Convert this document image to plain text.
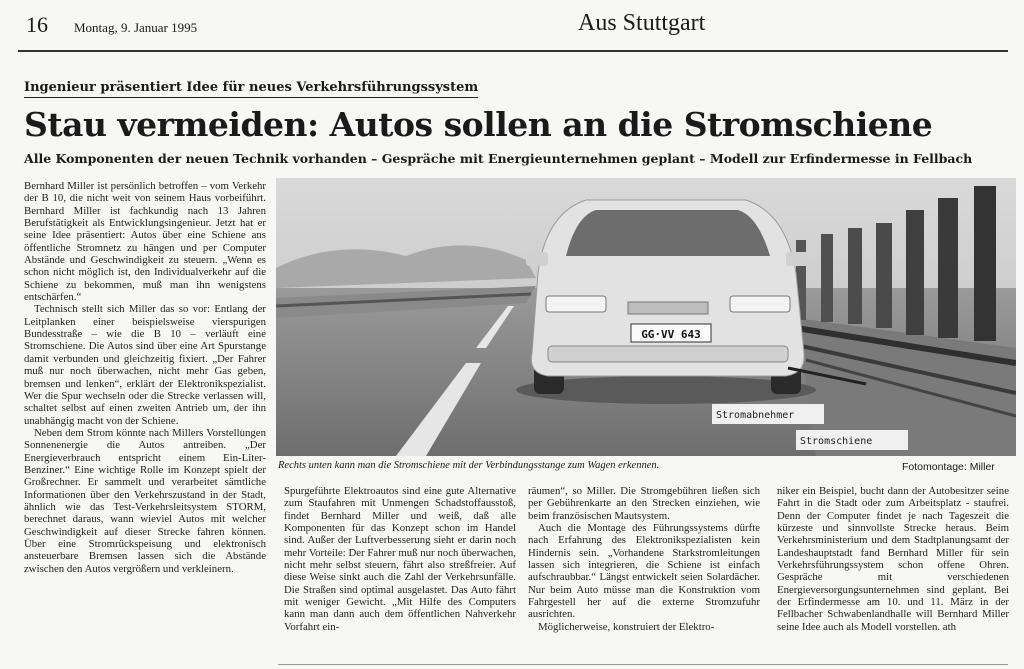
16 Montag, 9. Januar 1995	Aus Stuttgart
Ingenieur präsentiert Idee für neues Verkehrsführungssystem
Stau vermeiden: Autos sollen an die Stromschiene
Alle Komponenten der neuen Technik vorhanden – Gespräche mit Energieunternehmen geplant – Modell zur Erfindermesse in Fellbach

Bernhard Miller ist persönlich betroffen – vom Verkehr der B 10, die nicht weit von seinem Haus vorbeiführt. Bernhard Miller ist fachkundig nach 13 Jahren Berufstätigkeit als Entwicklungsingenieur. Jetzt hat er seine Idee präsentiert: Autos über eine Schiene ans öffentliche Stromnetz zu hängen und per Computer Abstände und Geschwindigkeit zu steuern. „Wenn es schon nicht möglich ist, den Individualverkehr auf die Schiene zu bekommen, muß man ihn wenigstens entschärfen.“

Technisch stellt sich Miller das so vor: Entlang der Leitplanken einer beispielsweise vierspurigen Bundesstraße – wie die B 10 – verläuft eine Stromschiene. Die Autos sind über eine Art Spurstange damit verbunden und gleichzeitig fixiert. „Der Fahrer muß nur noch überwachen, nicht mehr Gas geben, bremsen und lenken“, erklärt der Elektronikspezialist. Wer die Spur wechseln oder die Strecke verlassen will, schaltet selbst auf einen zweiten Antrieb um, der ihn unabhängig macht von der Schiene.

Neben dem Strom könnte nach Millers Vorstellungen Sonnenenergie die Autos antreiben. „Der Energieverbrauch entspricht einem Ein-Liter-Benziner.“ Eine wichtige Rolle im Konzept spielt der Großrechner. Er sammelt und verarbeitet sämtliche Informationen über den Verkehrszustand in der Stadt, ähnlich wie das Test-Verkehrsleitsystem STORM, berechnet daraus, wann wieviel Autos mit welcher Geschwindigkeit auf dieser Strecke fahren können. Über eine Stromrückspeisung und elektronisch ansteuerbare Bremsen lassen sich die Abstände zwischen den Autos vergrößern und verkleinern.

GG·VV 643
Stromabnehmer
Stromschiene
Rechts unten kann man die Stromschiene mit der Verbindungsstange zum Wagen erkennen.	Fotomontage: Miller

Spurgeführte Elektroautos sind eine gute Alternative zum Staufahren mit Unmengen Schadstoffausstoß, findet Bernhard Miller und weiß, daß alle Komponenten für das Konzept schon im Handel sind. Außer der Luftverbesserung sieht er darin noch mehr Vorteile: Der Fahrer muß nur noch überwachen, nicht mehr selbst steuern, fährt also streßfreier. Auf diese Weise sinkt auch die Zahl der Verkehrsunfälle. Die Straßen sind optimal ausgelastet. Das Auto fährt mit weniger Gewicht. „Mit Hilfe des Computers kann man dann auch dem öffentlichen Nahverkehr Vorfahrt ein-

räumen“, so Miller. Die Stromgebühren ließen sich per Gebührenkarte an den Strecken einziehen, wie beim französischen Mautsystem.

Auch die Montage des Führungssystems dürfte nach Erfahrung des Elektronikspezialisten kein Hindernis sein. „Vorhandene Starkstromleitungen lassen sich integrieren, die Schiene ist einfach aufschraubbar.“ Längst entwickelt seien Solardächer. Nur beim Auto müsse man die Konstruktion vom Fahrgestell her auf die externe Stromzufuhr ausrichten.

Möglicherweise, konstruiert der Elektro-

niker ein Beispiel, bucht dann der Autobesitzer seine Fahrt in die Stadt oder zum Arbeitsplatz - staufrei. Denn der Computer findet je nach Tageszeit die kürzeste und sinnvollste Strecke heraus. Beim Verkehrsministerium und dem Stadtplanungsamt der Landeshauptstadt fand Bernhard Miller für sein Verkehrsführungssystem schon offene Ohren. Gespräche mit verschiedenen Energieversorgungsunternehmen sind geplant. Bei der Erfindermesse am 10. und 11. März in der Fellbacher Schwabenlandhalle will Bernhard Miller seine Idee auch als Modell vorstellen. ath
